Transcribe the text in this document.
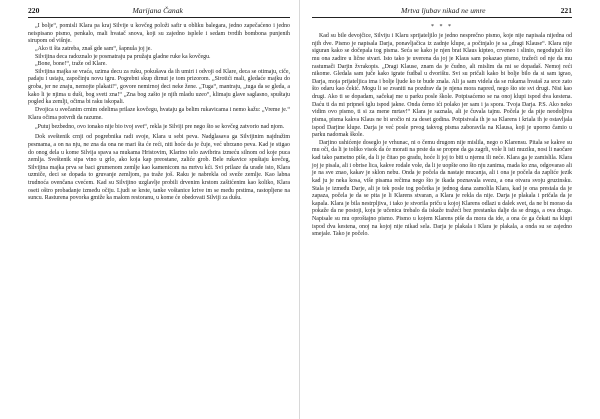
220	Marijana Čanak

„I bolje“, pomisli Klara pa kraj Silvije u kovčeg položi safir u obliku balegara, jedno zapečaćeno i jedno neispisano pismo, penkalo, mali hvatač snova, koji su zajedno isplele i sedam tvrdih bombona punjenih sirupom od višnje.

„Ako ti šta zatreba, znaš gde sam“, šapnula joj je.

Silvijina deca radoznalo je posmatraju pa pružaju gladne ruke ka kovčegu.

„Bone, bone!“, traže od Klare.

Silvijina majka se vraća, uzima decu za ruku, pokušava da ih umiri i odvoji od Klare, deca se otimaju, ciče, padaju i ustaju, započinju novu igru. Pogrebni skup dirnut je tom prizorom. „Sirotići mali, gledaće majku do groba, jer ne znaju, nemojte plakati!“, govore nemirnoj deci neke žene. „Tuga“, mantraju, „tuga da se gleda, a kako li je njima u duši, bog sveti zna!“ „Zna bog zašto je njih mladu uzeo“, klimaju glave saglasno, spuštaju pogled ka zemlji, očima bi raku iskopali.

Dvojica u svečanim crnim odelima prilaze kovčegu, hvataju ga belim rukavicama i nemo kažu: „Vreme je.“ Klara očima potvrdi da razume.

„Putuj bezbedno, ovo ionako nije bio tvoj svet“, rekla je Silviji pre nego što se kovčeg zatvorio nad njom.

Dok sveštenik crnji od pogrebnika radi svoje, Klara u sebi peva. Nadglasava ga Silvijinim najdražim pesmama, a on na nju, ne zna da ona ne mari šta će reći, niti hoće da je čuje, već ubrzano peva. Kad je stigao do onog dela u kome Silvija spava sa mukama Hristovim, Klarino telo zavibrira izmeću silnom od koje puca zemlja. Sveštenik sipa vino u grlo, ako koja kap preostane, zaliće grob. Bele rukavice spuštaju kovčeg, Silvijina majka prva se baci grumenom zemlje kao kamenicom na mrtvu kći. Svi prilaze da urade isto, Klara uzmiče, deci se dopada to gruvanje zemljom, pa traže još. Raku je nabrekla od sveže zemlje. Kao labna trudnoća ovenčana cvećem. Kad su Silvijino uzglavlje probili drvenim krstom zaštićenim kao koliko, Klara oseti oštro probadanje između očiju. Ljudi se krste, tanke voštanice krive im se među prstima, rastopljene na suncu. Rasturena povorka gmiže ka malom restoranu, u kome će obedovati Silviji za dušu.

Mrtva ljubav nikad ne umre	221
* * *

Kad su bile devojčice, Silviju i Klaru sprijateljilo je jedno nesprečno pismo, koje nije napisala nijedna od njih dve. Pismo je napisala Darja, ponavljačica iz zadnje klupe, a počinjalo je sa „dragi Klause“. Klara nije siguran kako se dočepala tog pisma. Seća se kako je njen brat Klaus kipteo, crveneo i slinio, negodujući što mu ona zadire u lične stvari. Isto tako je uverena da joj je Klaus sam pokazao pismo, tražeći od nje da mu rastumači Darjin žvrakopis. „Dragi Klause, znam da je čudno, ali mislim da mi se dopadaš. Nemoj reći nikome. Gledala sam juče kako igrate fudbal u dvorištu. Svi su pričali kako bi bolje bilo da si sam igrao, Darja, moja prijateljica ima i bolje ljude ko te bude znala. Ali ja sam videla da se rukama hvataš za srce zato što odaru kao čekić. Mogu li se zvaniti na pozdrav da je njena mora napred, nego što ste svi drugi. Nisi kao drugi. Ako ti se dopadam, sačekaj me u parku posle škole. Potpisaćemo se na onoj klupi ispod dva kestena. Daću ti da mi pripneš iglu ispod jakne. Onda ćemo ići polako jer sam i ja spora. Tvoja Darja. P.S. Ako neko vidim ovo pismo, ti si za mene mrtav!“ Klara je saznala, ali je čuvala tajnu. Počela je da pije neodoljiva pisma, pisma kakva Klaus ne bi sročio ni za deset godina. Potpisivala ih je sa Klarens i kriala ih je ostavljala ispod Darjine klupe. Darja je već posle prvog takvog pisma zaboravila na Klausa, koji je uporno čamio u parku nadomak škole.

Darjino ushićenje doseglo je vrhunac, ni o čemu drugom nije mislila, nego o Klarensu. Pitala se kakve su mu oči, da li je toliko visok da će morati na prste da se propne da ga zagrli, vole li isti muziku, nosi li naočare kad tako pametno piše, da li je čitao po gradu, hoće li joj to biti u njemu ili neće. Klara ga je zamislila. Klara joj je pisala, ali i obrise lica, kakve rodale vole, da li je uopšte ono što nju zanima, mada ko zna, odgovarao ali je na sve znao, kakav je sklon nebu. Onda je počela da nastaje mucanja, ali i ona je počela da zapliće jezik kad ju je neka kosa, više pisama rečima nego što je ikada poznavala svezu, a ona otvara svoju gruzinsku. Stala je između Darje, ali je tek posle tog početka je jednog dana zamolila Klara, kad je ona prestala da je zapaza, počela je da se pita je li Klarens stvaran, a Klara je rekla da nije. Darja je plakala i pričala da je kapala. Klara je bila nestrpljiva, i tako je stvorila priču u kojoj Klarens odlazi u dalek svet, da ne bi morao da pokaže da ne postoji, koju je učenica trebalo da iskaže tražeći bez prestanka dalje da se druga, a ova druga. Napisale su mu oproštajno pismo. Pismo u kojem Klarens piše da mora da ide, a ona će ga čekati na klupi ispod dva kestena, onoj na kojoj nije nikad sela. Darja je plakala i Klara je plakala, a onda su se zajedno smejale. Tako je počelo.
